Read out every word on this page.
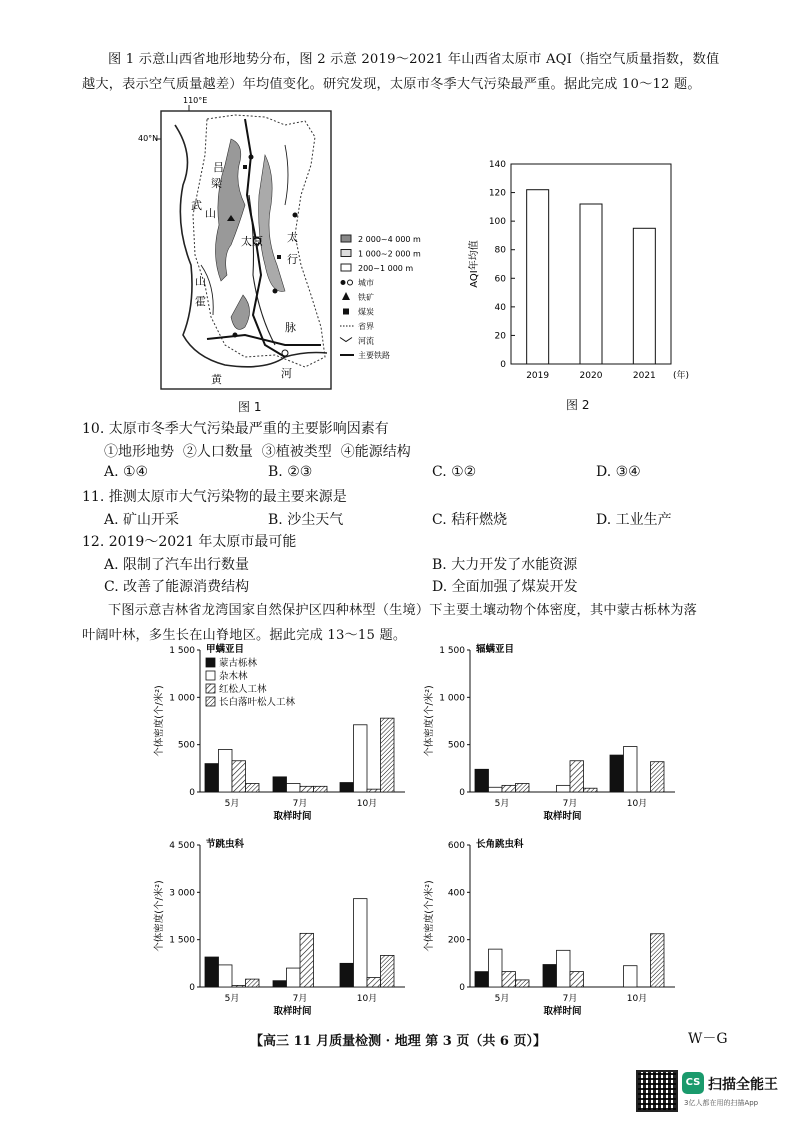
图 1 示意山西省地形地势分布，图 2 示意 2019～2021 年山西省太原市 AQI（指空气质量指数，数值
越大，表示空气质量越差）年均值变化。研究发现，太原市冬季大气污染最严重。据此完成 10～12 题。
110°E
40°N
吕
梁
山
太原
武
霍
山
太
行
脉
黄	河
2 000~4 000 m
1 000~2 000 m
200~1 000 m
城市
铁矿
煤炭
省界
河流
主要铁路
图 1
0
20
40
60
80
100
120
140
AQI年均值
2019	2020	2021 (年)
图 2
10. 太原市冬季大气污染最严重的主要影响因素有
①地形地势  ②人口数量  ③植被类型  ④能源结构
A. ①④	B. ②③	C. ①②	D. ③④
11. 推测太原市大气污染物的最主要来源是
A. 矿山开采	B. 沙尘天气	C. 秸秆燃烧	D. 工业生产
12. 2019～2021 年太原市最可能
A. 限制了汽车出行数量	B. 大力开发了水能资源
C. 改善了能源消费结构	D. 全面加强了煤炭开发
下图示意吉林省龙湾国家自然保护区四种林型（生境）下主要土壤动物个体密度，其中蒙古栎林为落
叶阔叶林，多生长在山脊地区。据此完成 13～15 题。
0
500
1 000
1 500 甲螨亚目
个体密度(个/米²)
5月	7月	10月
取样时间
蒙古栎林
杂木林
红松人工林
长白落叶松人工林
0
500
1 000
1 500 辐螨亚目
个体密度(个/米²)
5月	7月	10月
取样时间
0
1 500
3 000
4 500 节跳虫科
个体密度(个/米²)
5月	7月	10月
取样时间
0
200
400
600 长角跳虫科
个体密度(个/米²)
5月	7月	10月
取样时间
【高三 11 月质量检测 · 地理 第 3 页（共 6 页）】	W－G
CS 扫描全能王
3亿人都在用的扫描App
